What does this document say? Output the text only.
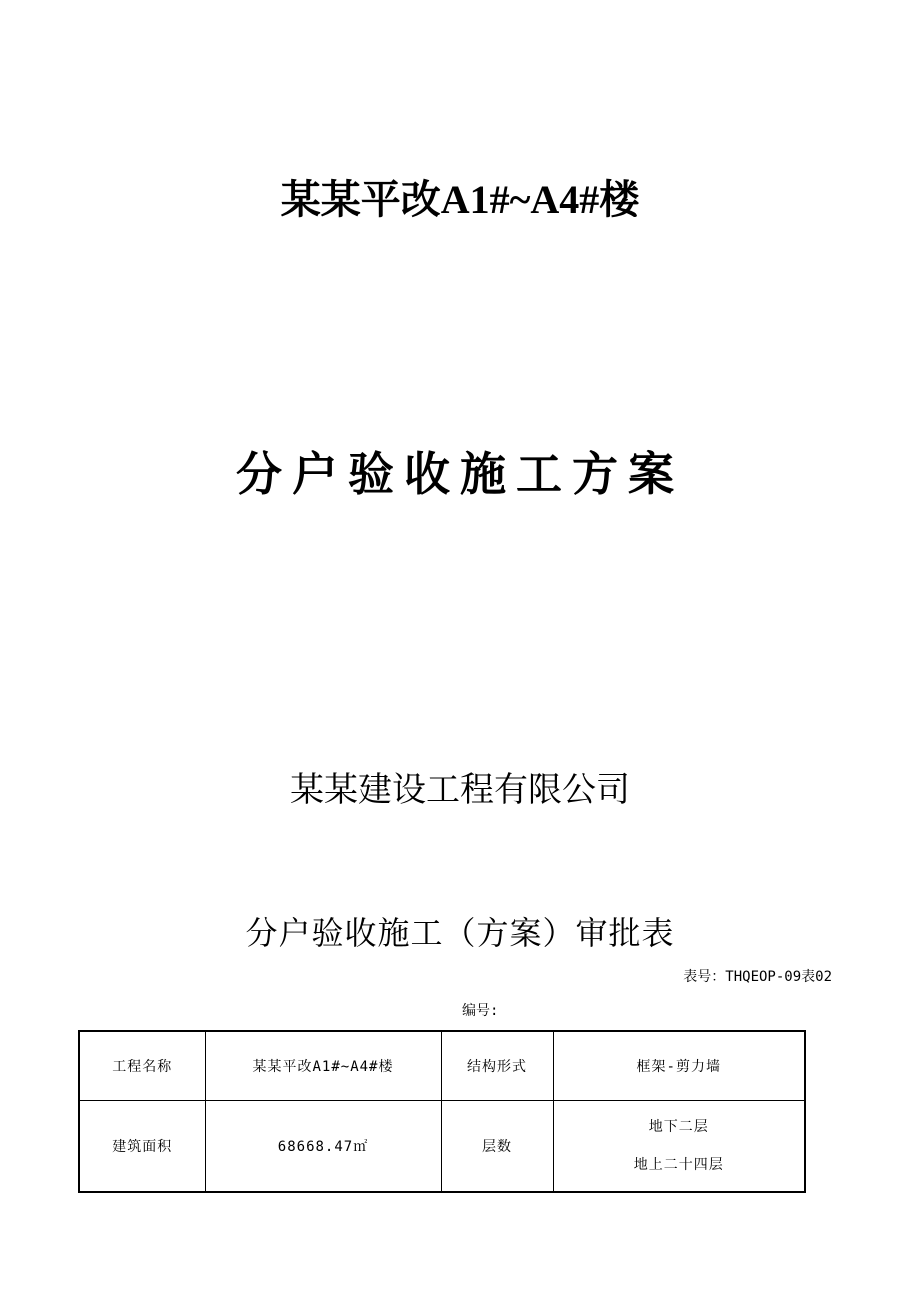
某某平改A1#~A4#楼
分户验收施工方案
某某建设工程有限公司
分户验收施工（方案）审批表
表号：THQEOP-09表02
编号:
工程名称	某某平改A1#~A4#楼	结构形式	框架-剪力墙
建筑面积	68668.47㎡	层数	地下二层
地上二十四层
